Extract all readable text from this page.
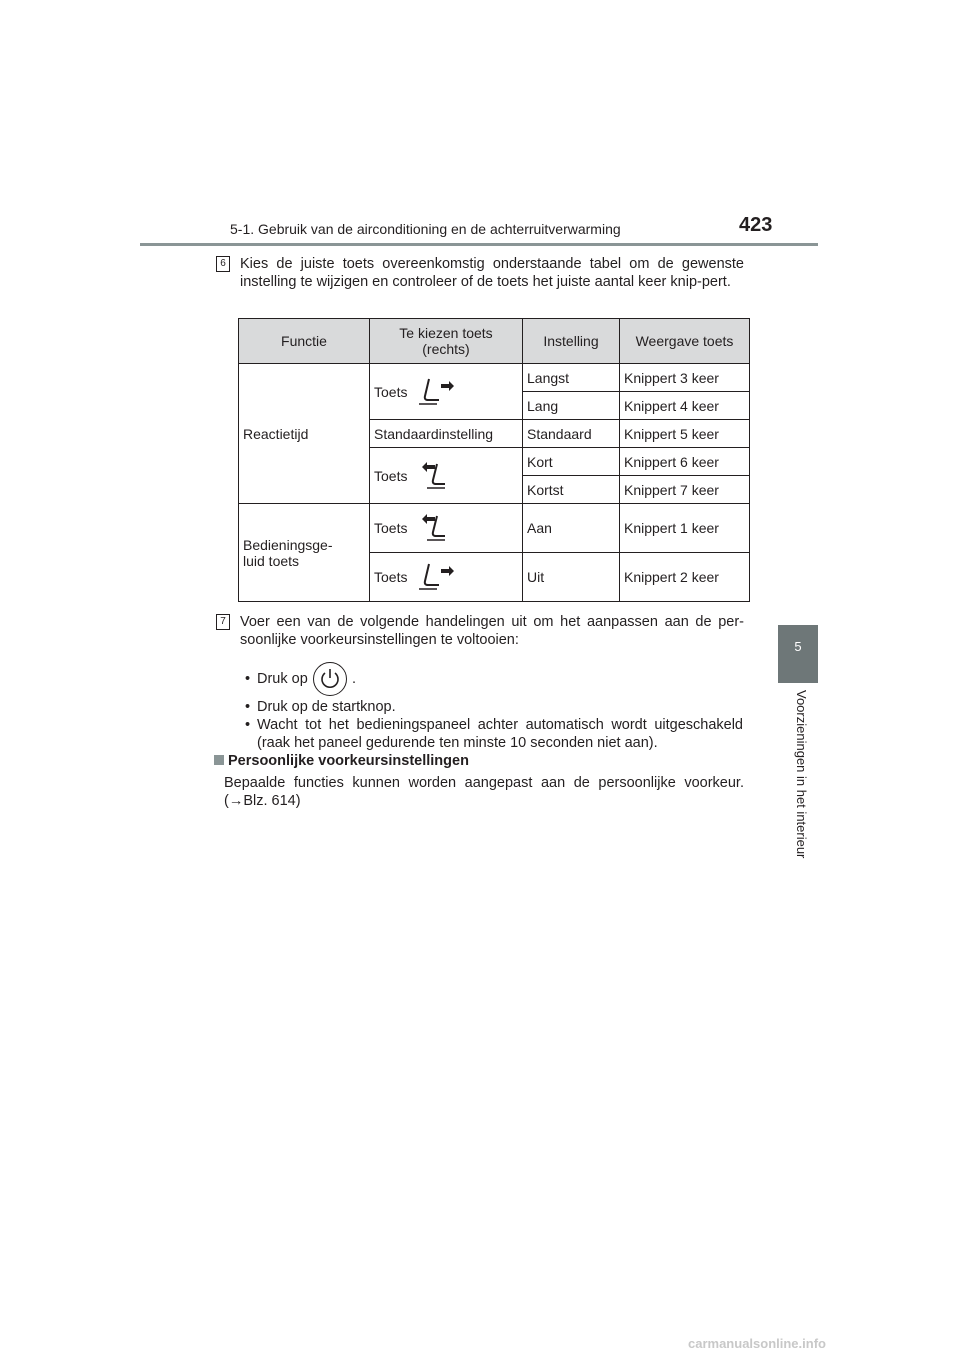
5-1. Gebruik van de airconditioning en de achterruitverwarming	423
5
Voorzieningen in het interieur
6 Kies de juiste toets overeenkomstig onderstaande tabel om de gewenste instelling te wijzigen en controleer of de toets het juiste aantal keer knip-pert.
Functie	Te kiezen toets (rechts)	Instelling	Weergave toets
Reactietijd	Toets	Langst	Knippert 3 keer
		Lang	Knippert 4 keer
	Standaardinstelling	Standaard	Knippert 5 keer

	Toets	Kort	Knippert 6 keer
		Kortst	Knippert 7 keer
Bedieningsge-luid toets	Toets	Aan	Knippert 1 keer

	Toets	Uit	Knippert 2 keer
7 Voer een van de volgende handelingen uit om het aanpassen aan de per-soonlijke voorkeursinstellingen te voltooien:
• Druk op	.
• Druk op de startknop.
• Wacht tot het bedieningspaneel achter automatisch wordt uitgeschakeld (raak het paneel gedurende ten minste 10 seconden niet aan).
Persoonlijke voorkeursinstellingen
Bepaalde functies kunnen worden aangepast aan de persoonlijke voorkeur. (→Blz. 614)
carmanualsonline.info
